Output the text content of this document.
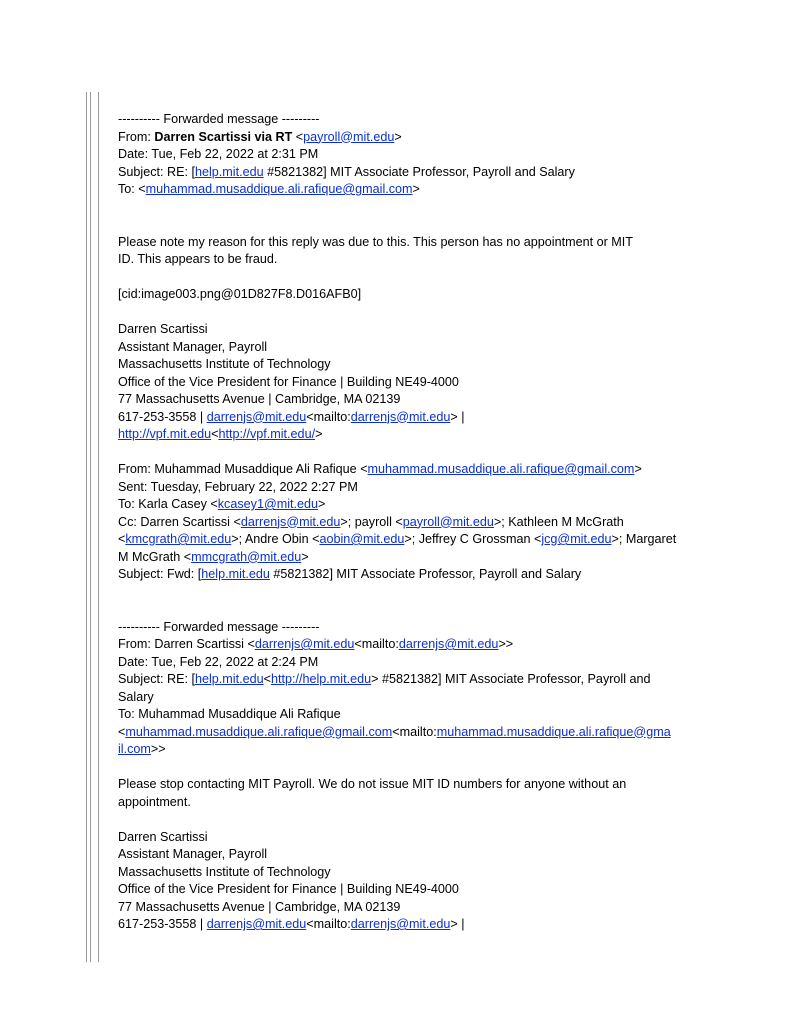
---------- Forwarded message ---------
From: Darren Scartissi via RT <payroll@mit.edu>
Date: Tue, Feb 22, 2022 at 2:31 PM
Subject: RE: [help.mit.edu #5821382] MIT Associate Professor, Payroll and Salary
To: <muhammad.musaddique.ali.rafique@gmail.com>
Please note my reason for this reply was due to this. This person has no appointment or MIT
ID. This appears to be fraud.
[cid:image003.png@01D827F8.D016AFB0]
Darren Scartissi
Assistant Manager, Payroll
Massachusetts Institute of Technology
Office of the Vice President for Finance | Building NE49-4000
77 Massachusetts Avenue | Cambridge, MA 02139
617-253-3558 | darrenjs@mit.edu<mailto:darrenjs@mit.edu> |
http://vpf.mit.edu<http://vpf.mit.edu/>
From: Muhammad Musaddique Ali Rafique <muhammad.musaddique.ali.rafique@gmail.com>
Sent: Tuesday, February 22, 2022 2:27 PM
To: Karla Casey <kcasey1@mit.edu>
Cc: Darren Scartissi <darrenjs@mit.edu>; payroll <payroll@mit.edu>; Kathleen M McGrath
<kmcgrath@mit.edu>; Andre Obin <aobin@mit.edu>; Jeffrey C Grossman <jcg@mit.edu>; Margaret
M McGrath <mmcgrath@mit.edu>
Subject: Fwd: [help.mit.edu #5821382] MIT Associate Professor, Payroll and Salary
---------- Forwarded message ---------
From: Darren Scartissi <darrenjs@mit.edu<mailto:darrenjs@mit.edu>>
Date: Tue, Feb 22, 2022 at 2:24 PM
Subject: RE: [help.mit.edu<http://help.mit.edu> #5821382] MIT Associate Professor, Payroll and
Salary
To: Muhammad Musaddique Ali Rafique
<muhammad.musaddique.ali.rafique@gmail.com<mailto:muhammad.musaddique.ali.rafique@gma
il.com>>
Please stop contacting MIT Payroll. We do not issue MIT ID numbers for anyone without an
appointment.
Darren Scartissi
Assistant Manager, Payroll
Massachusetts Institute of Technology
Office of the Vice President for Finance | Building NE49-4000
77 Massachusetts Avenue | Cambridge, MA 02139
617-253-3558 | darrenjs@mit.edu<mailto:darrenjs@mit.edu> |
